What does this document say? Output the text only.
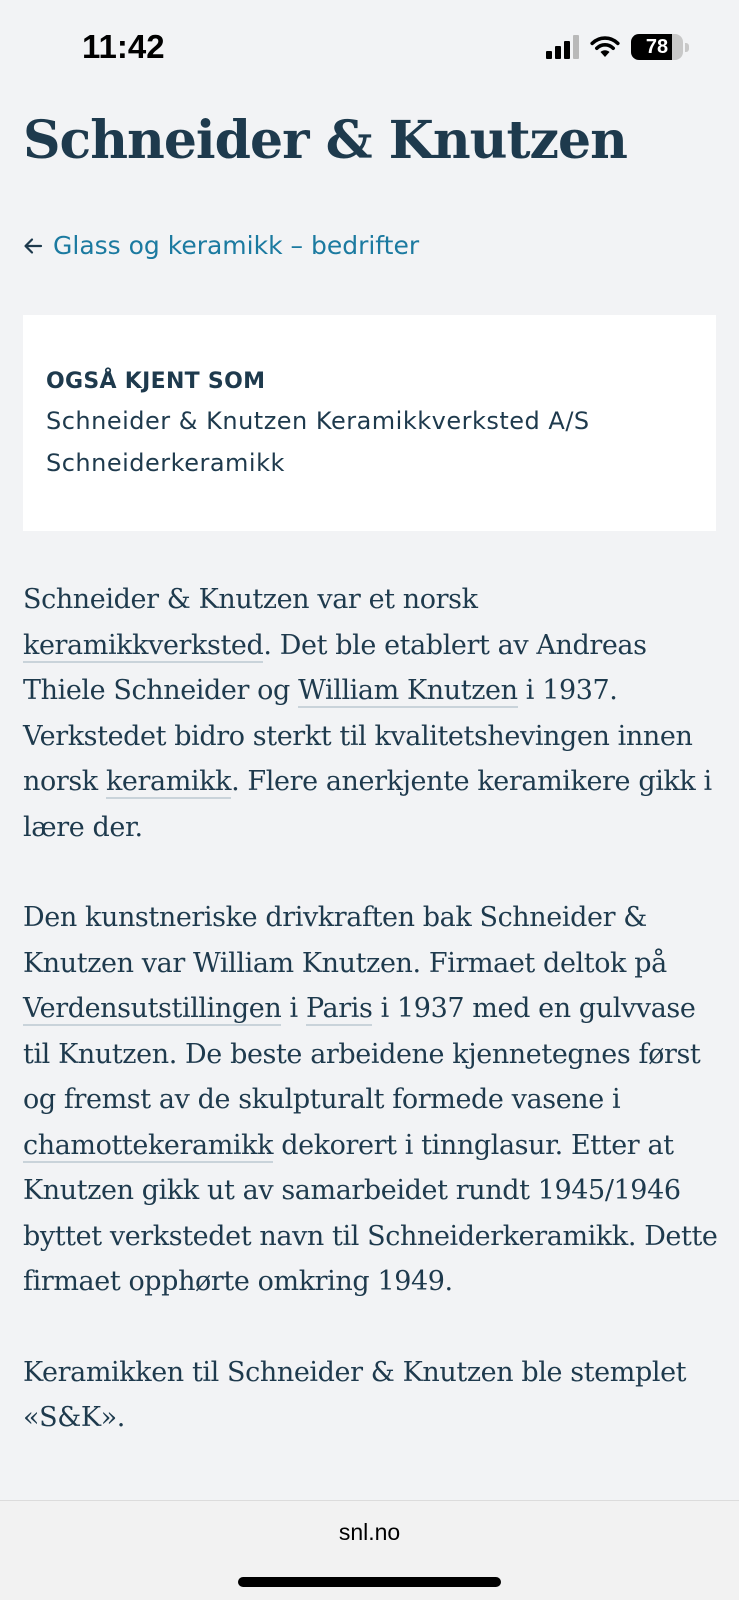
11:42	78
Schneider & Knutzen
Glass og keramikk – bedrifter
OGSÅ KJENT SOM
Schneider & Knutzen Keramikkverksted A/S
Schneiderkeramikk

Schneider & Knutzen var et norsk keramikkverksted. Det ble etablert av Andreas Thiele Schneider og William Knutzen i 1937. Verkstedet bidro sterkt til kvalitetshevingen innen norsk keramikk. Flere anerkjente keramikere gikk i lære der.

Den kunstneriske drivkraften bak Schneider & Knutzen var William Knutzen. Firmaet deltok på Verdensutstillingen i Paris i 1937 med en gulvvase til Knutzen. De beste arbeidene kjennetegnes først og fremst av de skulpturalt formede vasene i chamottekeramikk dekorert i tinnglasur. Etter at Knutzen gikk ut av samarbeidet rundt 1945/1946 byttet verkstedet navn til Schneiderkeramikk. Dette firmaet opphørte omkring 1949.

Keramikken til Schneider & Knutzen ble stemplet «S&K».

snl.no
